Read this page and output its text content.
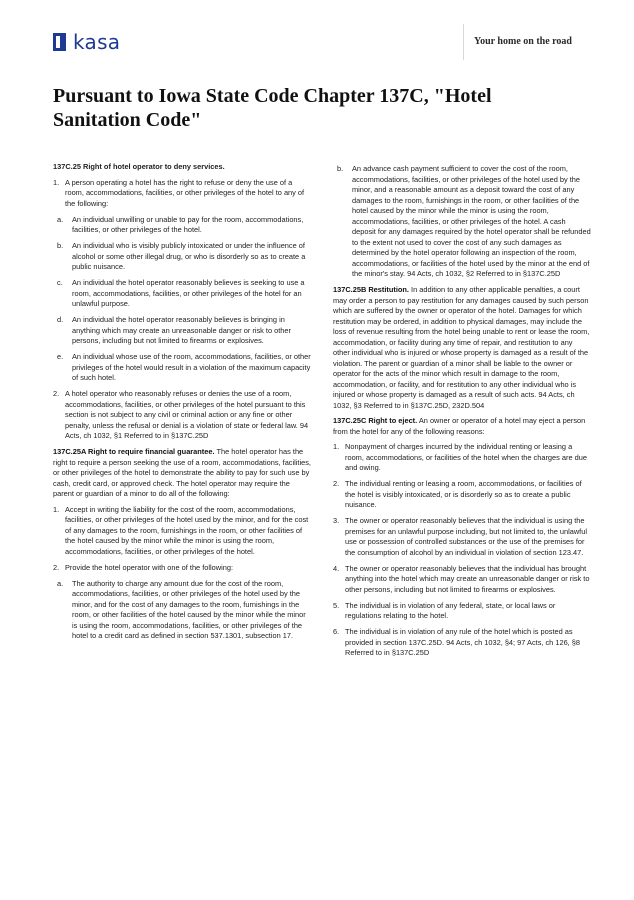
kasa	Your home on the road
Pursuant to Iowa State Code Chapter 137C, "Hotel Sanitation Code"

137C.25 Right of hotel operator to deny services.

1. A person operating a hotel has the right to refuse or deny the use of a room, accommodations, facilities, or other privileges of the hotel to any of the following:
a.	An individual unwilling or unable to pay for the room, accommodations, facilities, or other privileges of the hotel.
b.	An individual who is visibly publicly intoxicated or under the influence of alcohol or some other illegal drug, or who is disorderly so as to create a public nuisance.
c.	An individual the hotel operator reasonably believes is seeking to use a room, accommodations, facilities, or other privileges of the hotel for an unlawful purpose.
d.	An individual the hotel operator reasonably believes is bringing in anything which may create an unreasonable danger or risk to other persons, including but not limited to firearms or explosives.
e.	An individual whose use of the room, accommodations, facilities, or other privileges of the hotel would result in a violation of the maximum capacity of such hotel.
2. A hotel operator who reasonably refuses or denies the use of a room, accommodations, facilities, or other privileges of the hotel pursuant to this section is not subject to any civil or criminal action or any fine or other penalty, unless the refusal or denial is a violation of state or federal law. 94 Acts, ch 1032, §1 Referred to in §137C.25D

137C.25A Right to require financial guarantee. The hotel operator has the right to require a person seeking the use of a room, accommodations, facilities, or other privileges of the hotel to demonstrate the ability to pay for such use by cash, credit card, or approved check. The hotel operator may require the parent or guardian of a minor to do all of the following:

1. Accept in writing the liability for the cost of the room, accommodations, facilities, or other privileges of the hotel used by the minor, and for the cost of any damages to the room, furnishings in the room, or other facilities of the hotel caused by the minor while the minor is using the room, accommodations, facilities, or other privileges of the hotel.
2. Provide the hotel operator with one of the following:
a.	The authority to charge any amount due for the cost of the room, accommodations, facilities, or other privileges of the hotel used by the minor, and for the cost of any damages to the room, furnishings in the room, or other facilities of the hotel caused by the minor while the minor is using the room, accommodations, facilities, or other privileges of the hotel to a credit card as defined in section 537.1301, subsection 17.
b.	An advance cash payment sufficient to cover the cost of the room, accommodations, facilities, or other privileges of the hotel used by the minor, and a reasonable amount as a deposit toward the cost of any damages to the room, furnishings in the room, or other facilities of the hotel caused by the minor while the minor is using the room, accommodations, facilities, or other privileges of the hotel. A cash deposit for any damages required by the hotel operator shall be refunded to the extent not used to cover the cost of any such damages as determined by the hotel operator following an inspection of the room, accommodations, or facilities of the hotel used by the minor at the end of the minor's stay. 94 Acts, ch 1032, §2 Referred to in §137C.25D

137C.25B Restitution. In addition to any other applicable penalties, a court may order a person to pay restitution for any damages caused by such person which are suffered by the owner or operator of the hotel. Damages for which restitution may be ordered, in addition to physical damages, may include the loss of revenue resulting from the hotel being unable to rent or lease the room, accommodation, or facility during any time of repair, and restitution to any other individual who is injured or whose property is damaged as a result of the violation. The parent or guardian of a minor shall be liable to the owner or operator for the acts of the minor which result in damage to the room, accommodation, or facility, and for restitution to any other individual who is injured or whose property is damaged as a result of such acts. 94 Acts, ch 1032, §3 Referred to in §137C.25D, 232D.504

137C.25C Right to eject. An owner or operator of a hotel may eject a person from the hotel for any of the following reasons:

1. Nonpayment of charges incurred by the individual renting or leasing a room, accommodations, or facilities of the hotel when the charges are due and owing.
2. The individual renting or leasing a room, accommodations, or facilities of the hotel is visibly intoxicated, or is disorderly so as to create a public nuisance.
3. The owner or operator reasonably believes that the individual is using the premises for an unlawful purpose including, but not limited to, the unlawful use or possession of controlled substances or the use of the premises for the consumption of alcohol by an individual in violation of section 123.47.
4. The owner or operator reasonably believes that the individual has brought anything into the hotel which may create an unreasonable danger or risk to other persons, including but not limited to firearms or explosives.
5. The individual is in violation of any federal, state, or local laws or regulations relating to the hotel.
6. The individual is in violation of any rule of the hotel which is posted as provided in section 137C.25D. 94 Acts, ch 1032, §4; 97 Acts, ch 126, §8 Referred to in §137C.25D
